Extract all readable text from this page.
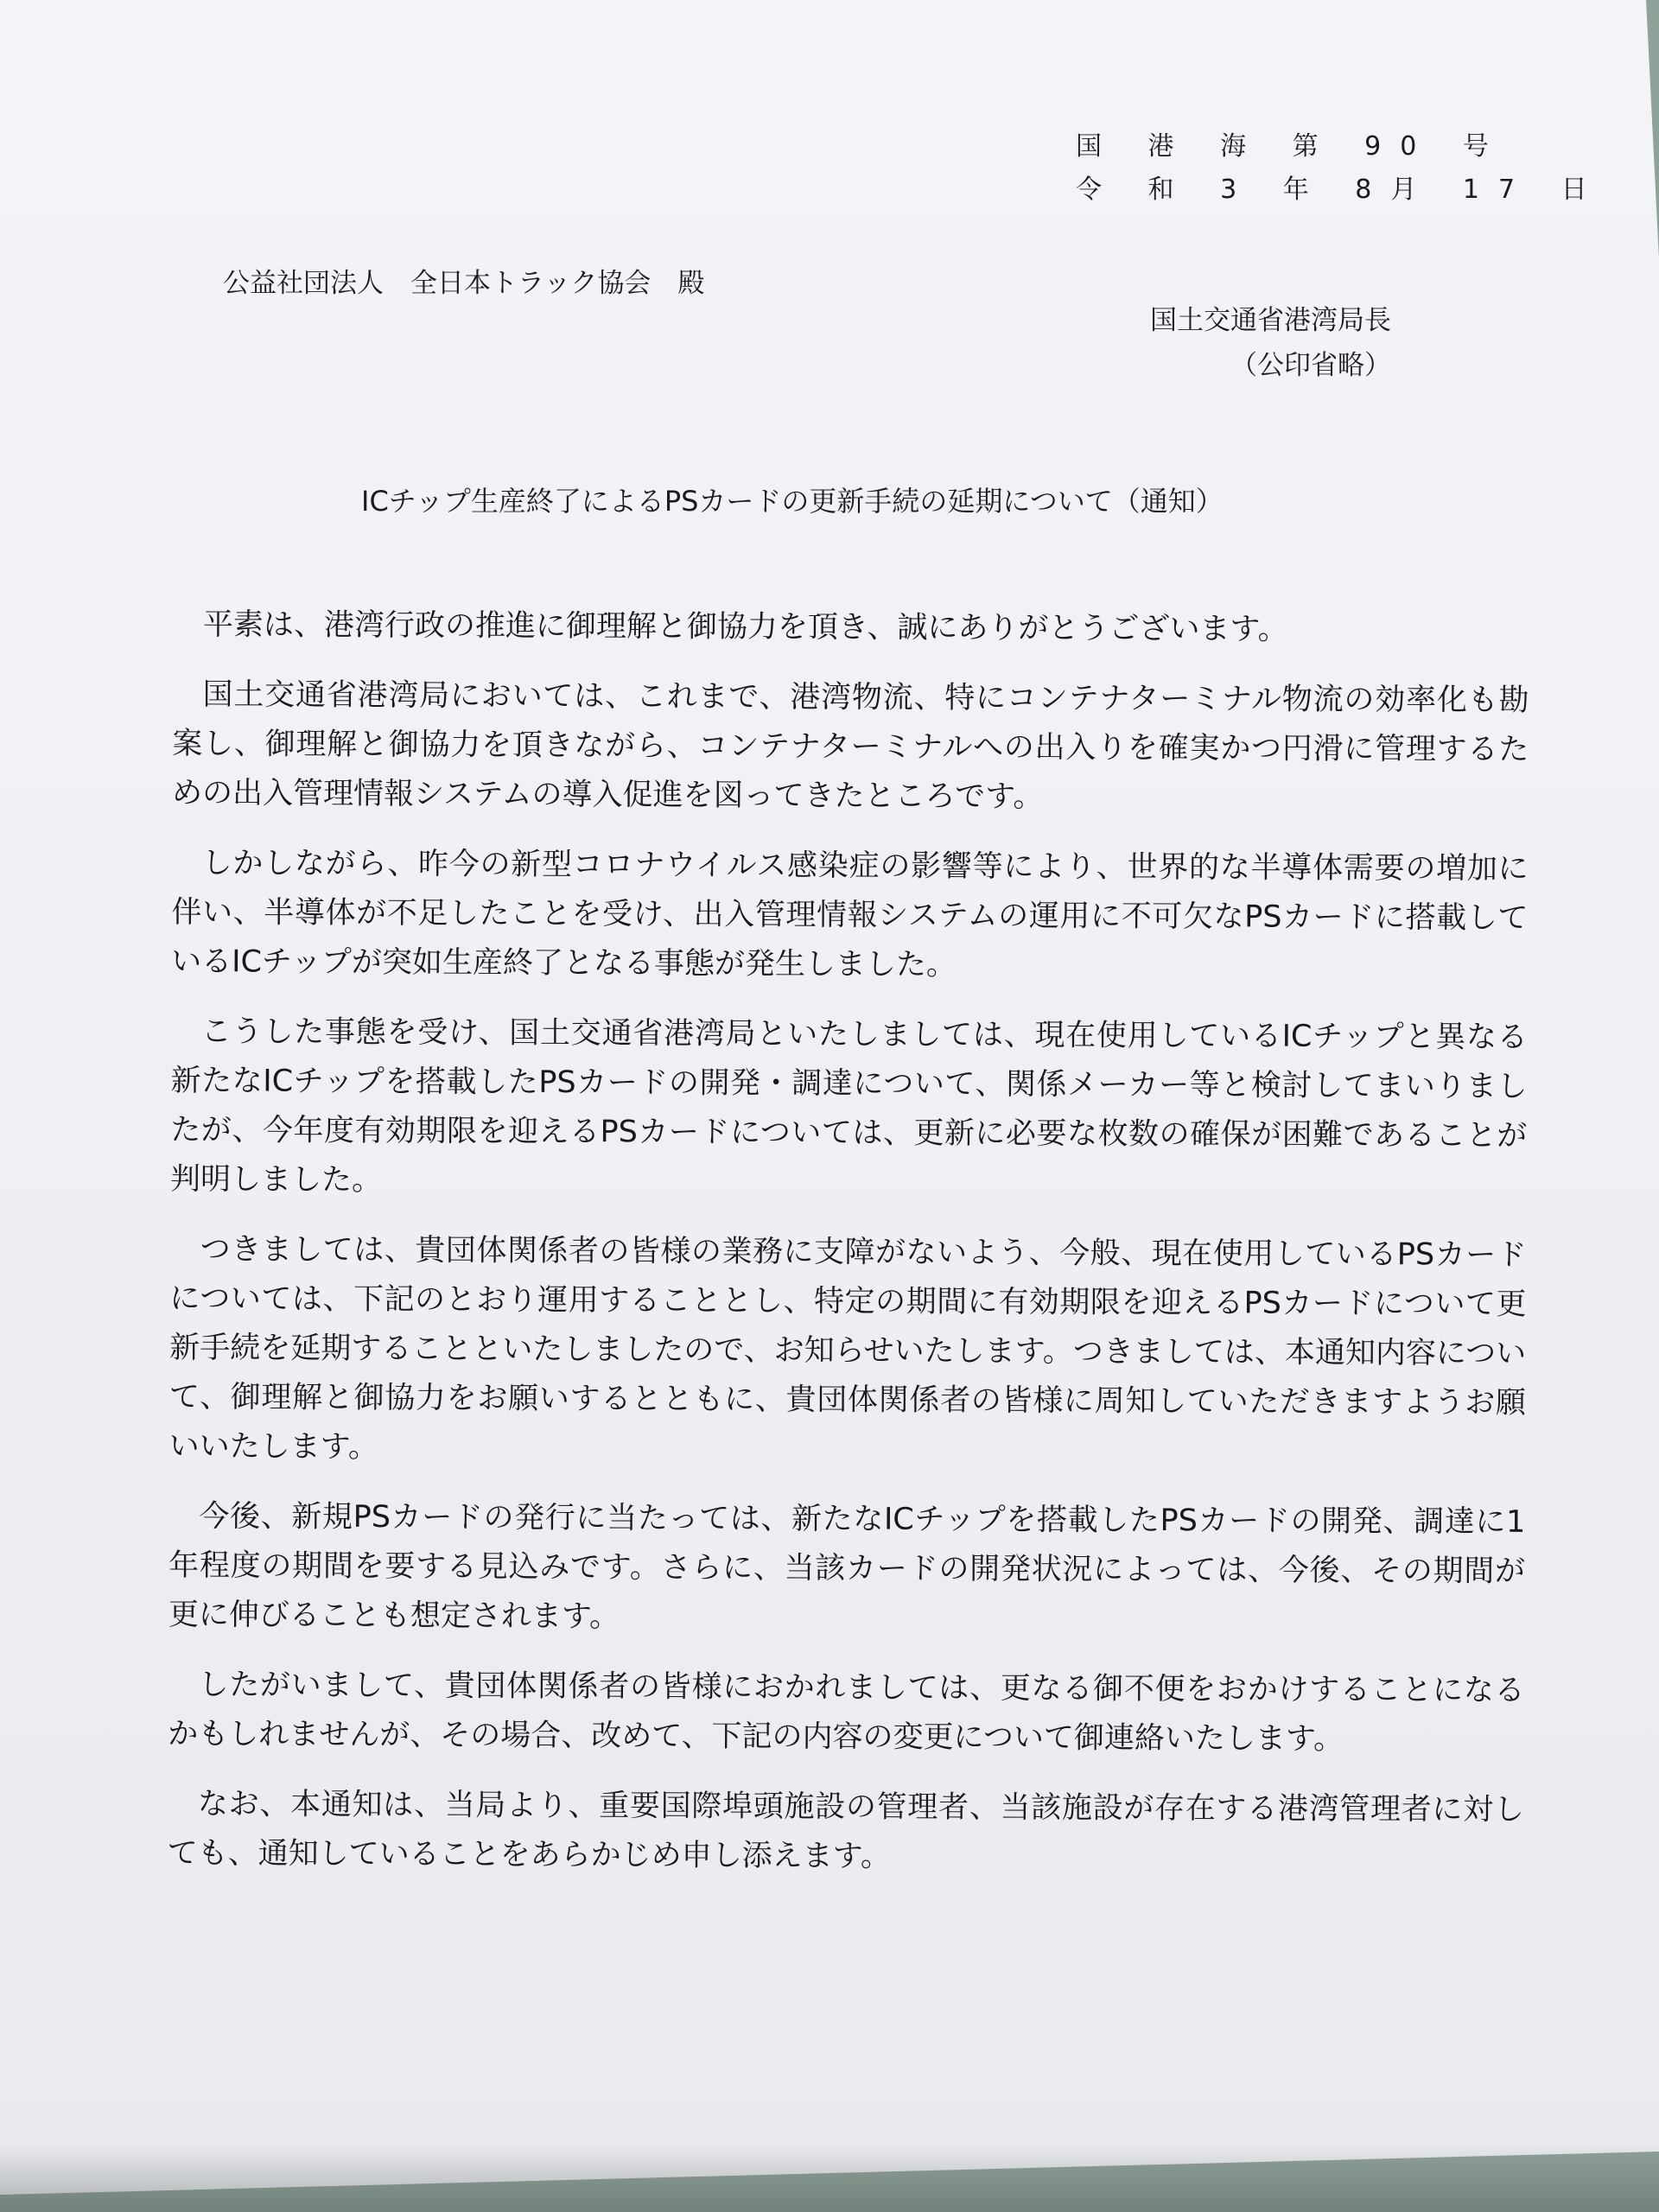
国 港 海 第 90 号
令 和 3 年 8月 17 日
公益社団法人　全日本トラック協会　殿
国土交通省港湾局長
（公印省略）
ICチップ生産終了によるPSカードの更新手続の延期について（通知）

平素は、港湾行政の推進に御理解と御協力を頂き、誠にありがとうございます。

国土交通省港湾局においては、これまで、港湾物流、特にコンテナターミナル物流の効率化も勘案し、御理解と御協力を頂きながら、コンテナターミナルへの出入りを確実かつ円滑に管理するための出入管理情報システムの導入促進を図ってきたところです。

しかしながら、昨今の新型コロナウイルス感染症の影響等により、世界的な半導体需要の増加に伴い、半導体が不足したことを受け、出入管理情報システムの運用に不可欠なPSカードに搭載しているICチップが突如生産終了となる事態が発生しました。

こうした事態を受け、国土交通省港湾局といたしましては、現在使用しているICチップと異なる新たなICチップを搭載したPSカードの開発・調達について、関係メーカー等と検討してまいりましたが、今年度有効期限を迎えるPSカードについては、更新に必要な枚数の確保が困難であることが判明しました。

つきましては、貴団体関係者の皆様の業務に支障がないよう、今般、現在使用しているPSカードについては、下記のとおり運用することとし、特定の期間に有効期限を迎えるPSカードについて更新手続を延期することといたしましたので、お知らせいたします。つきましては、本通知内容について、御理解と御協力をお願いするとともに、貴団体関係者の皆様に周知していただきますようお願いいたします。

今後、新規PSカードの発行に当たっては、新たなICチップを搭載したPSカードの開発、調達に1年程度の期間を要する見込みです。さらに、当該カードの開発状況によっては、今後、その期間が更に伸びることも想定されます。

したがいまして、貴団体関係者の皆様におかれましては、更なる御不便をおかけすることになるかもしれませんが、その場合、改めて、下記の内容の変更について御連絡いたします。

なお、本通知は、当局より、重要国際埠頭施設の管理者、当該施設が存在する港湾管理者に対しても、通知していることをあらかじめ申し添えます。
